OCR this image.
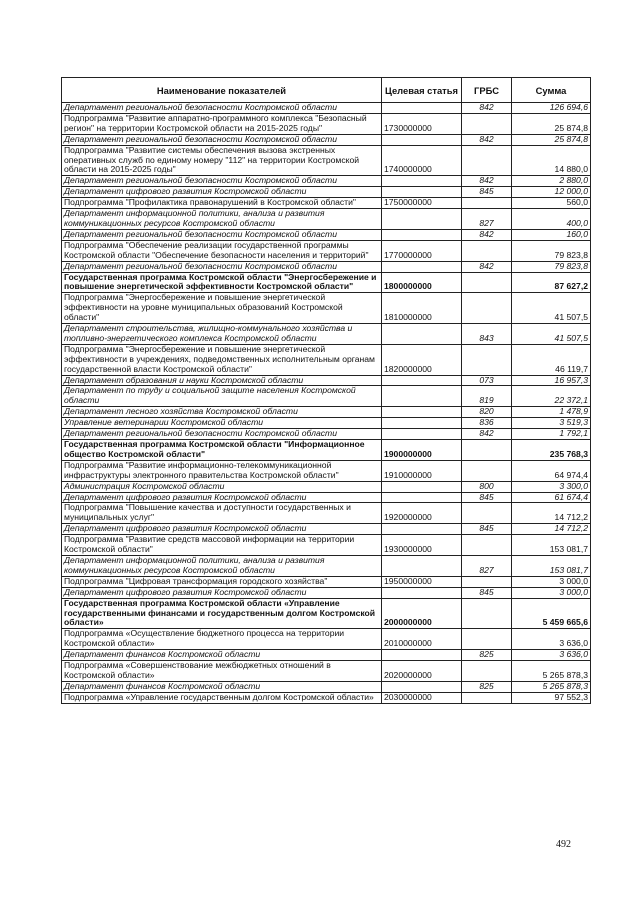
Наименование показателей	Целевая статья	ГРБС	Сумма
Департамент региональной безопасности Костромской области		842	126 694,6
Подпрограмма "Развитие аппаратно-программного комплекса "Безопасный регион" на территории Костромской области на 2015-2025 годы"	1730000000		25 874,8
Департамент региональной безопасности Костромской области		842	25 874,8
Подпрограмма "Развитие системы обеспечения вызова экстренных оперативных служб по единому номеру "112" на территории Костромской области на 2015-2025 годы"	1740000000		14 880,0
Департамент региональной безопасности Костромской области		842	2 880,0
Департамент цифрового развития Костромской области		845	12 000,0
Подпрограмма "Профилактика правонарушений в Костромской области"	1750000000		560,0
Департамент информационной политики, анализа и развития коммуникационных ресурсов Костромской области		827	400,0
Департамент региональной безопасности Костромской области		842	160,0
Подпрограмма "Обеспечение реализации государственной программы Костромской области "Обеспечение безопасности населения и территорий"	1770000000		79 823,8
Департамент региональной безопасности Костромской области		842	79 823,8
Государственная программа Костромской области "Энергосбережение и повышение энергетической эффективности Костромской области"	1800000000		87 627,2
Подпрограмма "Энергосбережение и повышение энергетической эффективности на уровне муниципальных образований Костромской области"	1810000000		41 507,5
Департамент строительства, жилищно-коммунального хозяйства и топливно-энергетического комплекса Костромской области		843	41 507,5
Подпрограмма "Энергосбережение и повышение энергетической эффективности в учреждениях, подведомственных исполнительным органам государственной власти Костромской области"	1820000000		46 119,7
Департамент образования и науки Костромской области		073	16 957,3
Департамент по труду и социальной защите населения Костромской области		819	22 372,1
Департамент лесного хозяйства Костромской области		820	1 478,9
Управление ветеринарии Костромской области		836	3 519,3
Департамент региональной безопасности Костромской области		842	1 792,1
Государственная программа Костромской области "Информационное общество Костромской области"	1900000000		235 768,3
Подпрограмма "Развитие информационно-телекоммуникационной инфраструктуры электронного правительства Костромской области"	1910000000		64 974,4
Администрация Костромской области		800	3 300,0
Департамент цифрового развития Костромской области		845	61 674,4
Подпрограмма "Повышение качества и доступности государственных и муниципальных услуг"	1920000000		14 712,2
Департамент цифрового развития Костромской области		845	14 712,2
Подпрограмма "Развитие средств массовой информации на территории Костромской области"	1930000000		153 081,7
Департамент информационной политики, анализа и развития коммуникационных ресурсов Костромской области		827	153 081,7
Подпрограмма "Цифровая трансформация городского хозяйства"	1950000000		3 000,0
Департамент цифрового развития Костромской области		845	3 000,0
Государственная программа Костромской области «Управление государственными финансами и государственным долгом Костромской области»	2000000000		5 459 665,6
Подпрограмма «Осуществление бюджетного процесса на территории Костромской области»	2010000000		3 636,0
Департамент финансов Костромской области		825	3 636,0
Подпрограмма «Совершенствование межбюджетных отношений в Костромской области»	2020000000		5 265 878,3
Департамент финансов Костромской области		825	5 265 878,3
Подпрограмма «Управление государственным долгом Костромской области»	2030000000		97 552,3
492
